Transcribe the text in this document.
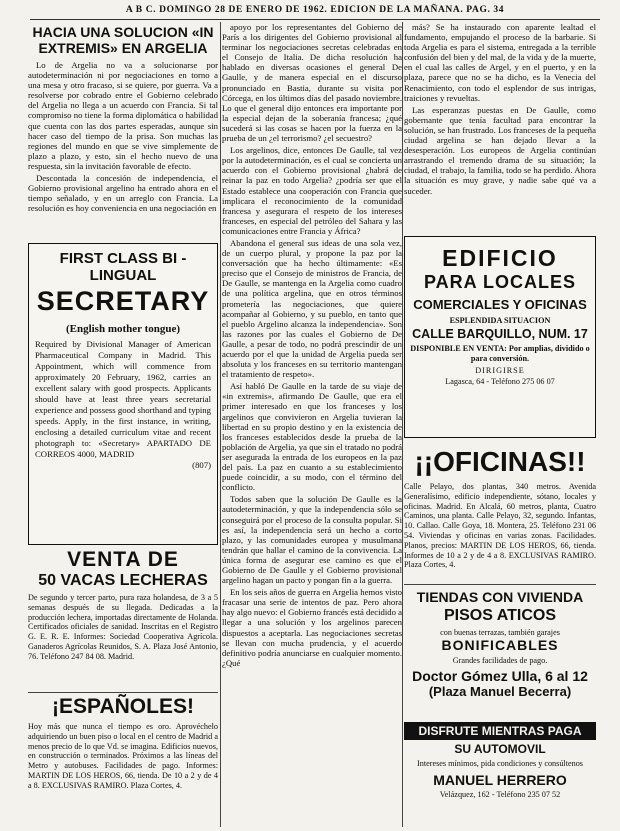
A B C. DOMINGO 28 DE ENERO DE 1962. EDICION DE LA MAÑANA. PAG. 34
HACIA UNA SOLUCION «IN EXTREMIS» EN ARGELIA

Lo de Argelia no va a solucionarse por autodeterminación ni por negociaciones en torno a una mesa y otro fracaso, si se quiere, por guerra. Va a resolverse por cobrado entre el Gobierno celebrado del Argelia no llega a un acuerdo con Francia. Si tal compromiso no tiene la forma diplomática o habilidad que cuenta con las dos partes esperadas, aunque sin hacer caso del tiempo de la prisa. Son muchas las regiones del mundo en que se vive simplemente de plazo a plazo, y esto, sin el hecho nuevo de una respuesta, sin la invitación favorable de efecto.

Descontada la concesión de independencia, el Gobierno provisional argelino ha entrado ahora en el tiempo señalado, y en un arreglo con Francia. La resolución es hoy conveniencia en una negociación en

FIRST CLASS BI - LINGUAL
SECRETARY
(English mother tongue)
Required by Divisional Manager of American Pharmaceutical Company in Madrid. This Appointment, which will commence from approximately 20 February, 1962, carries an excellent salary with good prospects. Applicants should have at least three years secretarial experience and possess good shorthand and typing speeds. Apply, in the first instance, in writing, enclosing a detailed curriculum vitae and recent photograph to: «Secretary» APARTADO DE CORREOS 4000, MADRID
(807)
VENTA DE
50 VACAS LECHERAS
De segundo y tercer parto, pura raza holandesa, de 3 a 5 semanas después de su llegada. Dedicadas a la producción lechera, importadas directamente de Holanda. Certificados oficiales de sanidad. Inscritas en el Registro G. E. R. E. Informes: Sociedad Cooperativa Agrícola. Ganaderos Agrícolas Reunidos, S. A. Plaza José Antonio, 76. Teléfono 247 84 08. Madrid.
¡ESPAÑOLES!
Hoy más que nunca el tiempo es oro. Aprovéchelo adquiriendo un buen piso o local en el centro de Madrid a menos precio de lo que Vd. se imagina. Edificios nuevos, en construcción o terminados. Próximos a las líneas del Metro y autobuses. Facilidades de pago. Informes: MARTIN DE LOS HEROS, 66, tienda. De 10 a 2 y de 4 a 8. EXCLUSIVAS RAMIRO. Plaza Cortes, 4.

apoyo por los representantes del Gobierno de París a los dirigentes del Gobierno provisional al terminar los negociaciones secretas celebradas en el Consejo de Italia. De dicha resolución ha hablado en diversas ocasiones el general De Gaulle, y de manera especial en el discurso pronunciado en Bastia, durante su visita por Córcega, en los últimos días del pasado noviembre. Lo que el general dijo entonces era importante por la especial dejan de la soberanía francesa; ¿qué sucederá si las cosas se hacen por la fuerza en la prueba de un ¿el terrorismo? ¿el secuestro?

Los argelinos, dice, entonces De Gaulle, tal vez por la autodeterminación, es el cual se concierta un acuerdo con el Gobierno provisional ¿habrá de reinar la paz en todo Argelia? ¿podría ser que el Estado establece una cooperación con Francia que implicara el reconocimiento de la comunidad francesa y asegurara el respeto de los intereses franceses, en especial del petróleo del Sahara y las comunicaciones entre Francia y África?

Abandona el general sus ideas de una sola vez, de un cuerpo plural, y propone la paz por la conversación que ha hecho últimamente: «Es preciso que el Consejo de ministros de Francia, de De Gaulle, se mantenga en la Argelia como cuadro de una política argelina, que en otros términos prometería las negociaciones, que quiere acompañar al Gobierno, y su pueblo, en tanto que el pueblo Argelino alcanza la independencia». Son las razones por las cuales el Gobierno de De Gaulle, a pesar de todo, no podrá prescindir de un acuerdo por el que la unidad de Argelia pueda ser absoluta y los franceses en su territorio mantengan el tratamiento de respeto».

Así habló De Gaulle en la tarde de su viaje de «in extremis», afirmando De Gaulle, que era el primer interesado en que los franceses y los argelinos que convivieron en Argelia tuvieran la libertad en su propio destino y en la existencia de los franceses establecidos desde la prueba de la población de Argelia, ya que sin el tratado no podrá ser asegurada la entrada de los europeos en la paz del país. La paz en cuanto a su establecimiento puede coincidir, a su modo, con el término del conflicto.

Todos saben que la solución De Gaulle es la autodeterminación, y que la independencia sólo se conseguirá por el proceso de la consulta popular. Si es así, la independencia será un hecho a corto plazo, y las comunidades europea y musulmana tendrán que hallar el camino de la convivencia. La única forma de asegurar ese camino es que el Gobierno de De Gaulle y el Gobierno provisional argelino hagan un pacto y pongan fin a la guerra.

En los seis años de guerra en Argelia hemos visto fracasar una serie de intentos de paz. Pero ahora hay algo nuevo: el Gobierno francés está decidido a llegar a una solución y los argelinos parecen dispuestos a aceptarla. Las negociaciones secretas se llevan con mucha prudencia, y el acuerdo definitivo podría anunciarse en cualquier momento. ¿Qué

más? Se ha instaurado con aparente lealtad el fundamento, empujando el proceso de la barbarie. Si toda Argelia es para el sistema, entregada a la terrible confusión del bien y del mal, de la vida y de la muerte, en el cual las calles de Argel, y en el puerto, y en la plaza, parece que no se ha dicho, es la Venecia del Renacimiento, con todo el esplendor de sus intrigas, traiciones y revueltas.

Las esperanzas puestas en De Gaulle, como gobernante que tenía facultad para encontrar la solución, se han frustrado. Los franceses de la pequeña ciudad argelina se han dejado llevar a la desesperación. Los europeos de Argelia continúan arrastrando el tremendo drama de su situación; la ciudad, el trabajo, la familia, todo se ha perdido. Ahora la situación es muy grave, y nadie sabe qué va a suceder.

EDIFICIO
PARA LOCALES
COMERCIALES Y OFICINAS
ESPLENDIDA SITUACION
CALLE BARQUILLO, NUM. 17
DISPONIBLE EN VENTA: Por amplias, dividido o para conversión.
DIRIGIRSE
Lagasca, 64 - Teléfono 275 06 07
¡¡OFICINAS!!
Calle Pelayo, dos plantas, 340 metros. Avenida Generalísimo, edificio independiente, sótano, locales y oficinas. Madrid. En Alcalá, 60 metros, planta, Cuatro Caminos, una planta. Calle Pelayo, 32, segundo. Infantas, 10. Callao. Calle Goya, 18. Montera, 25. Teléfono 231 06 54. Viviendas y oficinas en varias zonas. Facilidades. Planos, precios: MARTIN DE LOS HEROS, 66, tienda. Informes de 10 a 2 y de 4 a 8. EXCLUSIVAS RAMIRO. Plaza Cortes, 4.
TIENDAS CON VIVIENDA
PISOS ATICOS
con buenas terrazas, también garajes
BONIFICABLES
Grandes facilidades de pago.
Doctor Gómez Ulla, 6 al 12
(Plaza Manuel Becerra)
DISFRUTE MIENTRAS PAGA
SU AUTOMOVIL
Intereses mínimos, pida condiciones y consúltenos
MANUEL HERRERO
Velázquez, 162 - Teléfono 235 07 52
